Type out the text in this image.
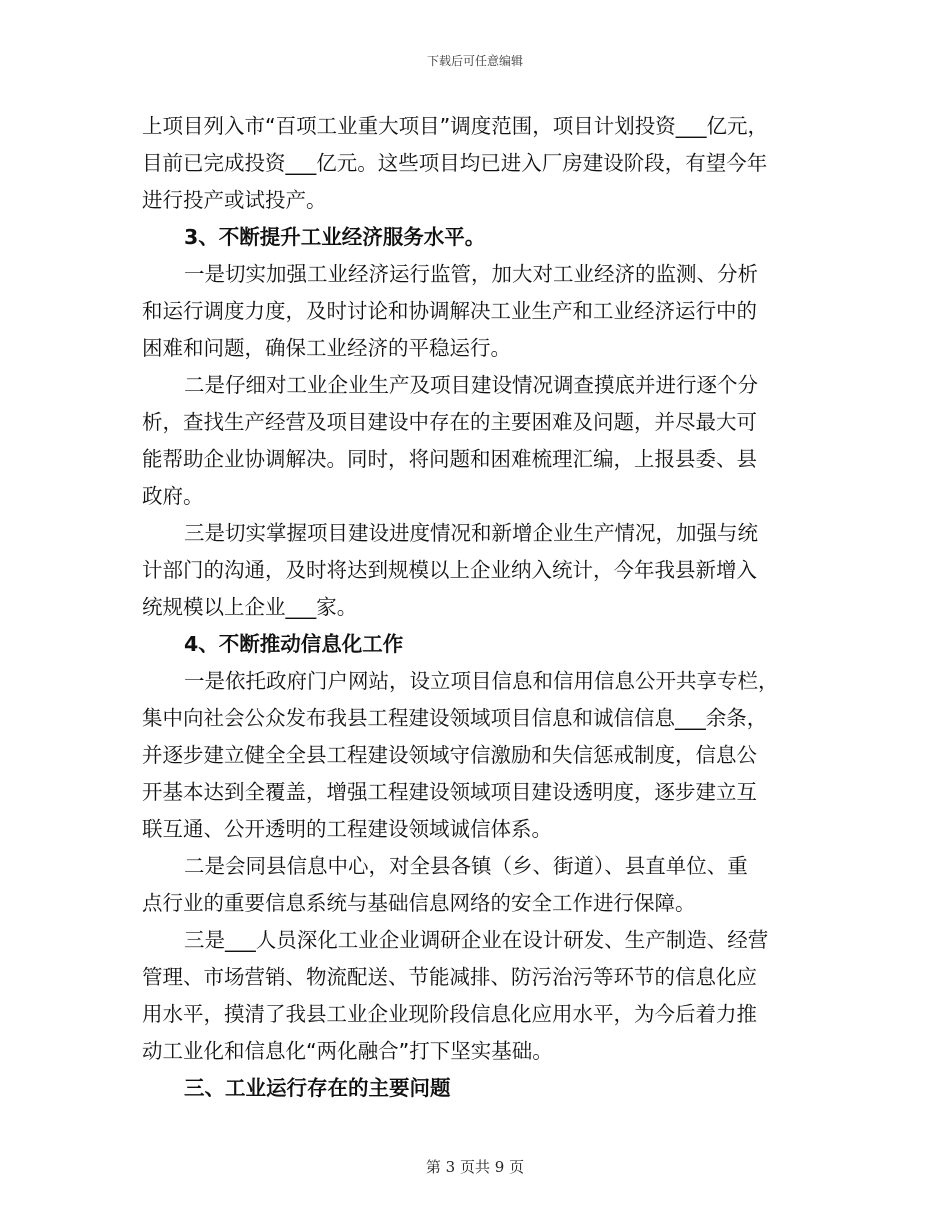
下载后可任意编辑
上项目列入市“百项工业重大项目”调度范围，项目计划投资___亿元，
目前已完成投资___亿元。这些项目均已进入厂房建设阶段，有望今年
进行投产或试投产。
3、不断提升工业经济服务水平。
一是切实加强工业经济运行监管，加大对工业经济的监测、分析
和运行调度力度，及时讨论和协调解决工业生产和工业经济运行中的
困难和问题，确保工业经济的平稳运行。
二是仔细对工业企业生产及项目建设情况调查摸底并进行逐个分
析，查找生产经营及项目建设中存在的主要困难及问题，并尽最大可
能帮助企业协调解决。同时，将问题和困难梳理汇编，上报县委、县
政府。
三是切实掌握项目建设进度情况和新增企业生产情况，加强与统
计部门的沟通，及时将达到规模以上企业纳入统计，今年我县新增入
统规模以上企业___家。
4、不断推动信息化工作
一是依托政府门户网站，设立项目信息和信用信息公开共享专栏，
集中向社会公众发布我县工程建设领域项目信息和诚信信息___余条，
并逐步建立健全全县工程建设领域守信激励和失信惩戒制度，信息公
开基本达到全覆盖，增强工程建设领域项目建设透明度，逐步建立互
联互通、公开透明的工程建设领域诚信体系。
二是会同县信息中心，对全县各镇（乡、街道）、县直单位、重
点行业的重要信息系统与基础信息网络的安全工作进行保障。
三是___人员深化工业企业调研企业在设计研发、生产制造、经营
管理、市场营销、物流配送、节能减排、防污治污等环节的信息化应
用水平，摸清了我县工业企业现阶段信息化应用水平，为今后着力推
动工业化和信息化“两化融合”打下坚实基础。
三、工业运行存在的主要问题
第 3 页共 9 页
